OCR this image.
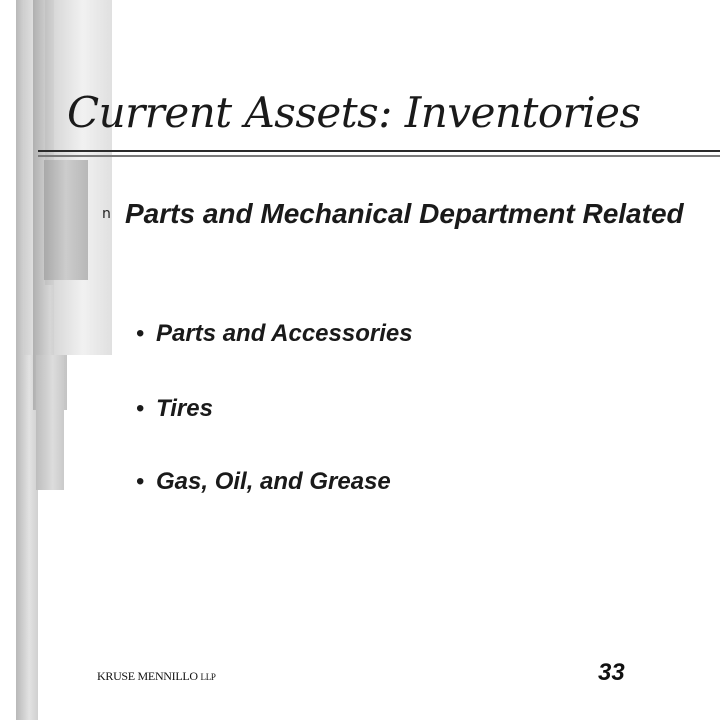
Current Assets: Inventories
n Parts and Mechanical Department Related

• Parts and Accessories
• Tires
• Gas, Oil, and Grease
KRUSE MENNILLO LLP	33
